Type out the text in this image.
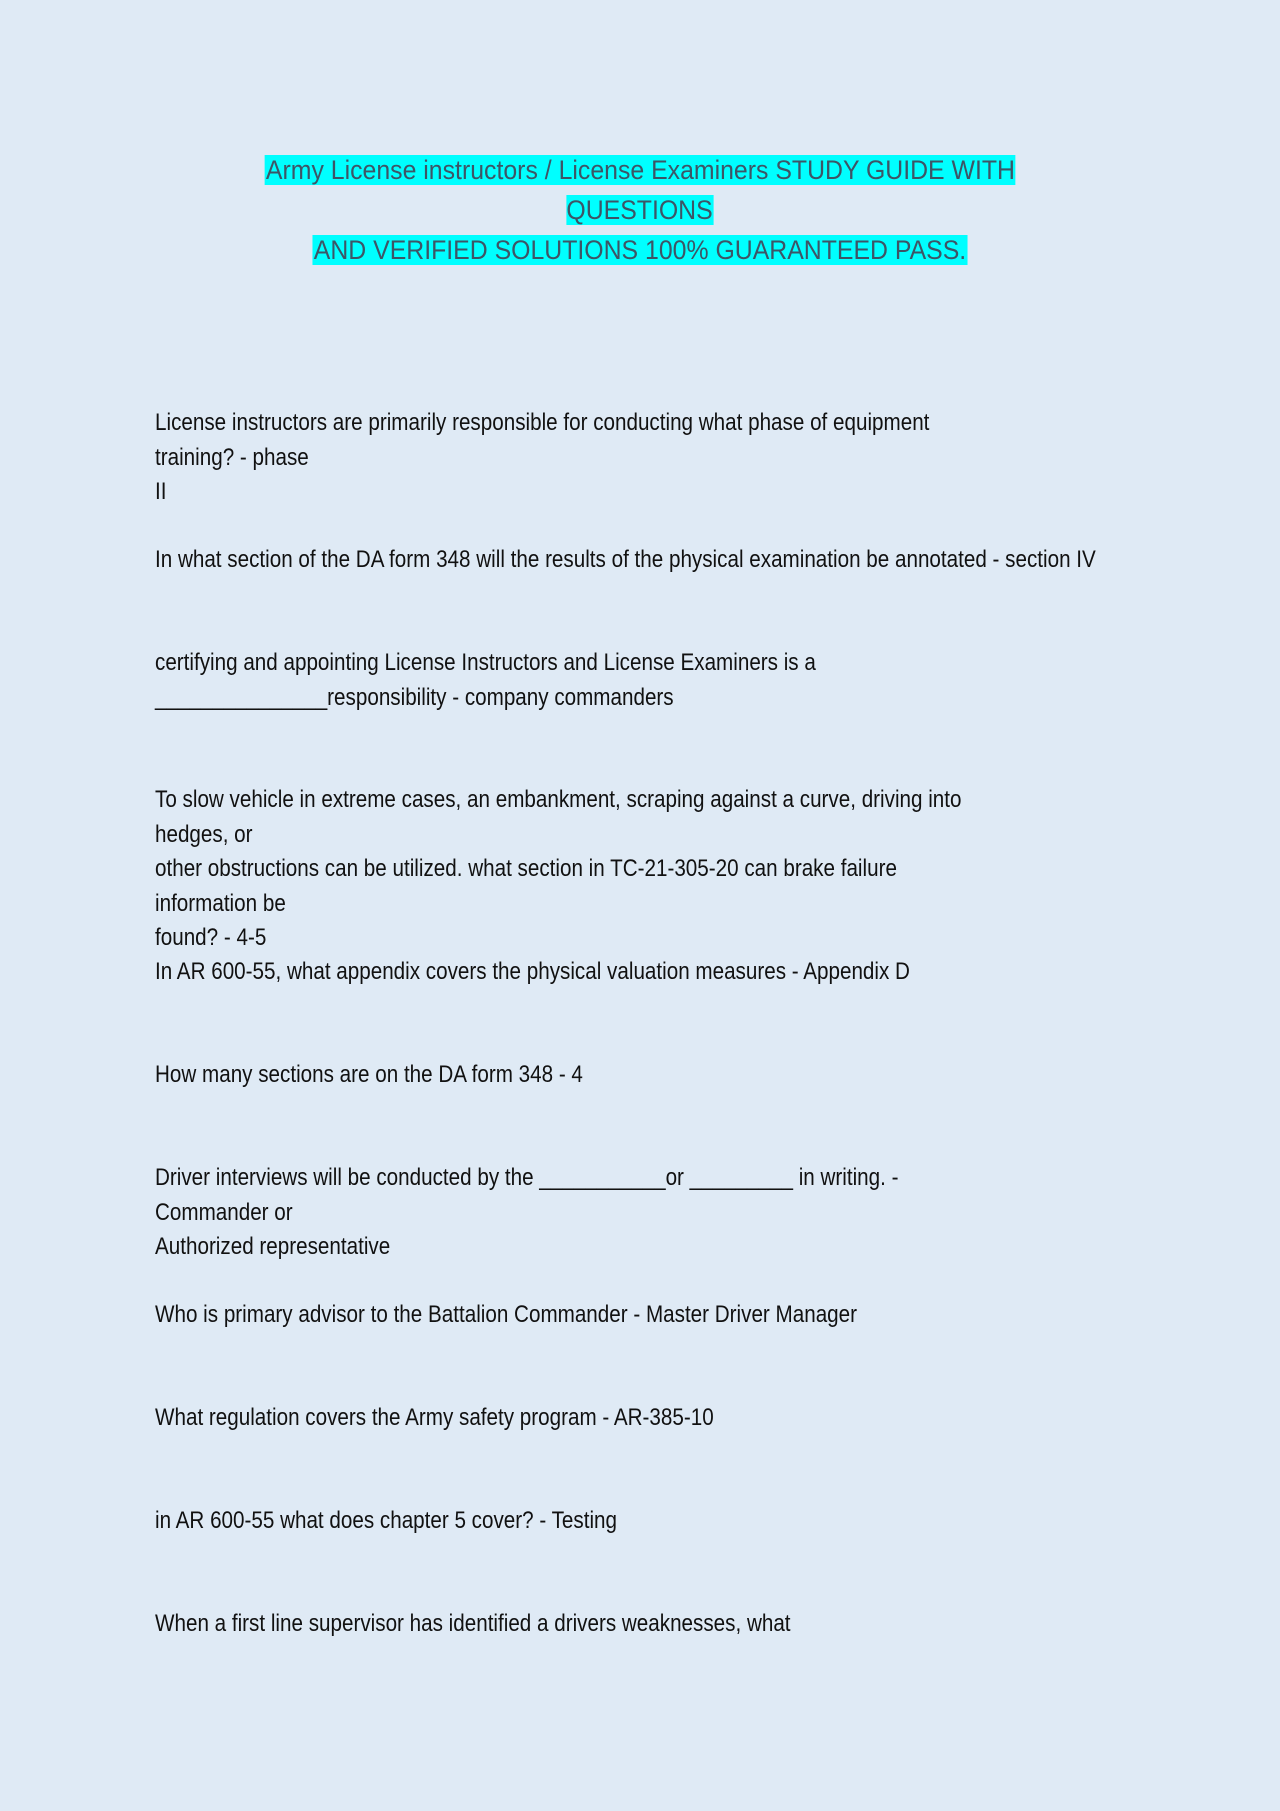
Army License instructors / License Examiners STUDY GUIDE WITH QUESTIONS
AND VERIFIED SOLUTIONS 100% GUARANTEED PASS.
License instructors are primarily responsible for conducting what phase of equipment training? - phase
II
In what section of the DA form 348 will the results of the physical examination be annotated - section IV
certifying and appointing License Instructors and License Examiners is a
_______________responsibility - company commanders
To slow vehicle in extreme cases, an embankment, scraping against a curve, driving into hedges, or
other obstructions can be utilized. what section in TC-21-305-20 can brake failure information be
found? - 4-5
In AR 600-55, what appendix covers the physical valuation measures - Appendix D
How many sections are on the DA form 348 - 4
Driver interviews will be conducted by the ___________or _________ in writing. - Commander or
Authorized representative
Who is primary advisor to the Battalion Commander - Master Driver Manager
What regulation covers the Army safety program - AR-385-10
in AR 600-55 what does chapter 5 cover? - Testing
When a first line supervisor has identified a drivers weaknesses, what
